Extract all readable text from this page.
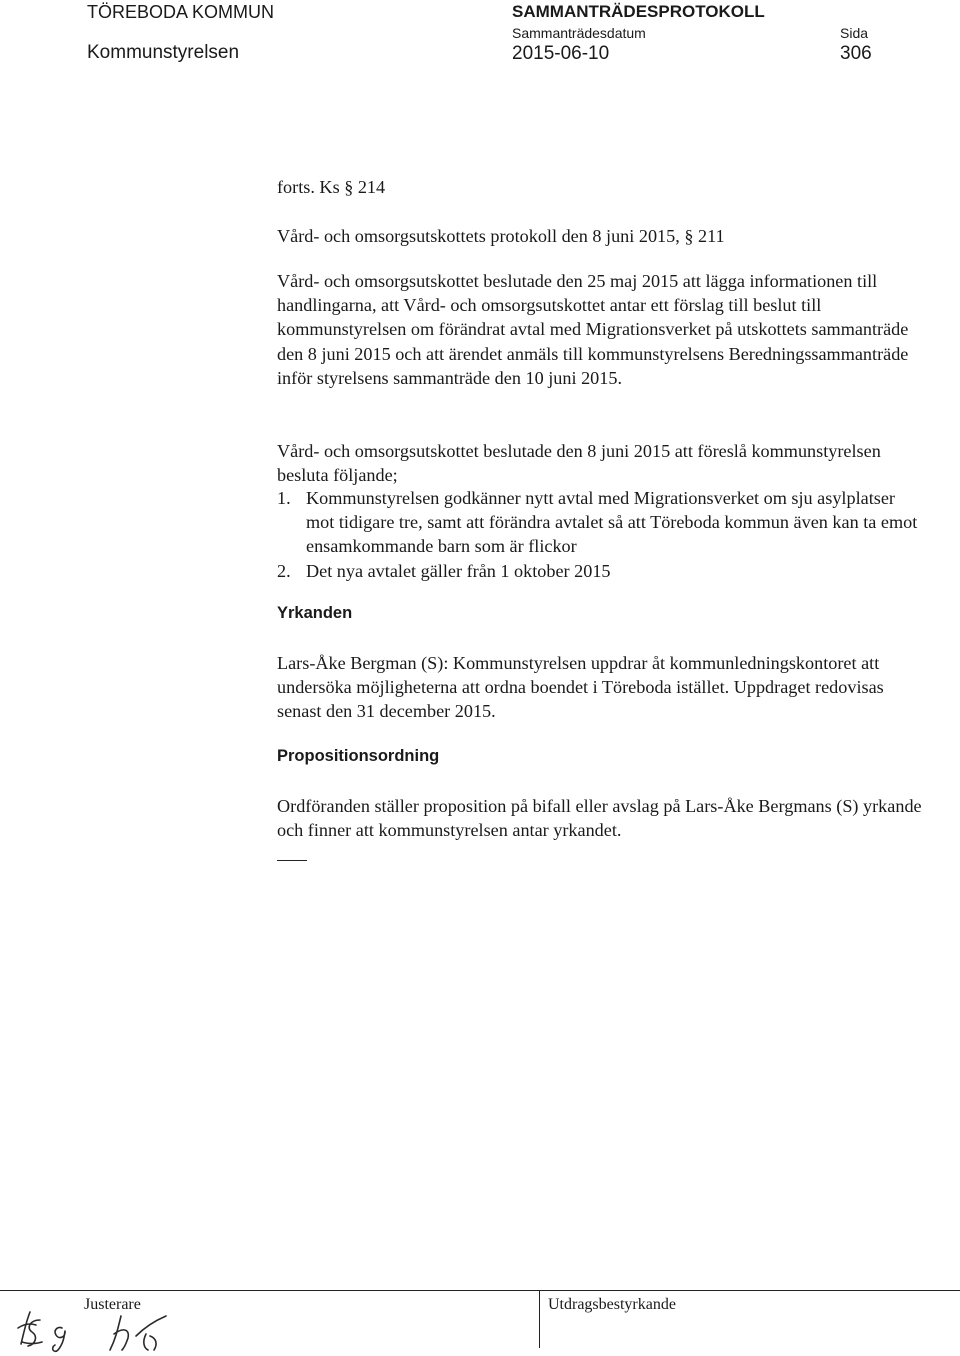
TÖREBODA KOMMUN
Kommunstyrelsen
SAMMANTRÄDESPROTOKOLL
Sammanträdesdatum
2015-06-10
Sida
306
forts. Ks § 214
Vård- och omsorgsutskottets protokoll den 8 juni 2015, § 211
Vård- och omsorgsutskottet beslutade den 25 maj 2015 att lägga informationen till handlingarna, att Vård- och omsorgsutskottet antar ett förslag till beslut till kommunstyrelsen om förändrat avtal med Migrationsverket på utskottets sammanträde den 8 juni 2015 och att ärendet anmäls till kommunstyrelsens Beredningssammanträde inför styrelsens sammanträde den 10 juni 2015.
Vård- och omsorgsutskottet beslutade den 8 juni 2015 att föreslå kommunstyrelsen besluta följande;
1. Kommunstyrelsen godkänner nytt avtal med Migrationsverket om sju asylplatser mot tidigare tre, samt att förändra avtalet så att Töreboda kommun även kan ta emot ensamkommande barn som är flickor
2. Det nya avtalet gäller från 1 oktober 2015
Yrkanden
Lars-Åke Bergman (S): Kommunstyrelsen uppdrar åt kommunledningskontoret att undersöka möjligheterna att ordna boendet i Töreboda istället. Uppdraget redovisas senast den 31 december 2015.
Propositionsordning
Ordföranden ställer proposition på bifall eller avslag på Lars-Åke Bergmans (S) yrkande och finner att kommunstyrelsen antar yrkandet.
Justerare	Utdragsbestyrkande
